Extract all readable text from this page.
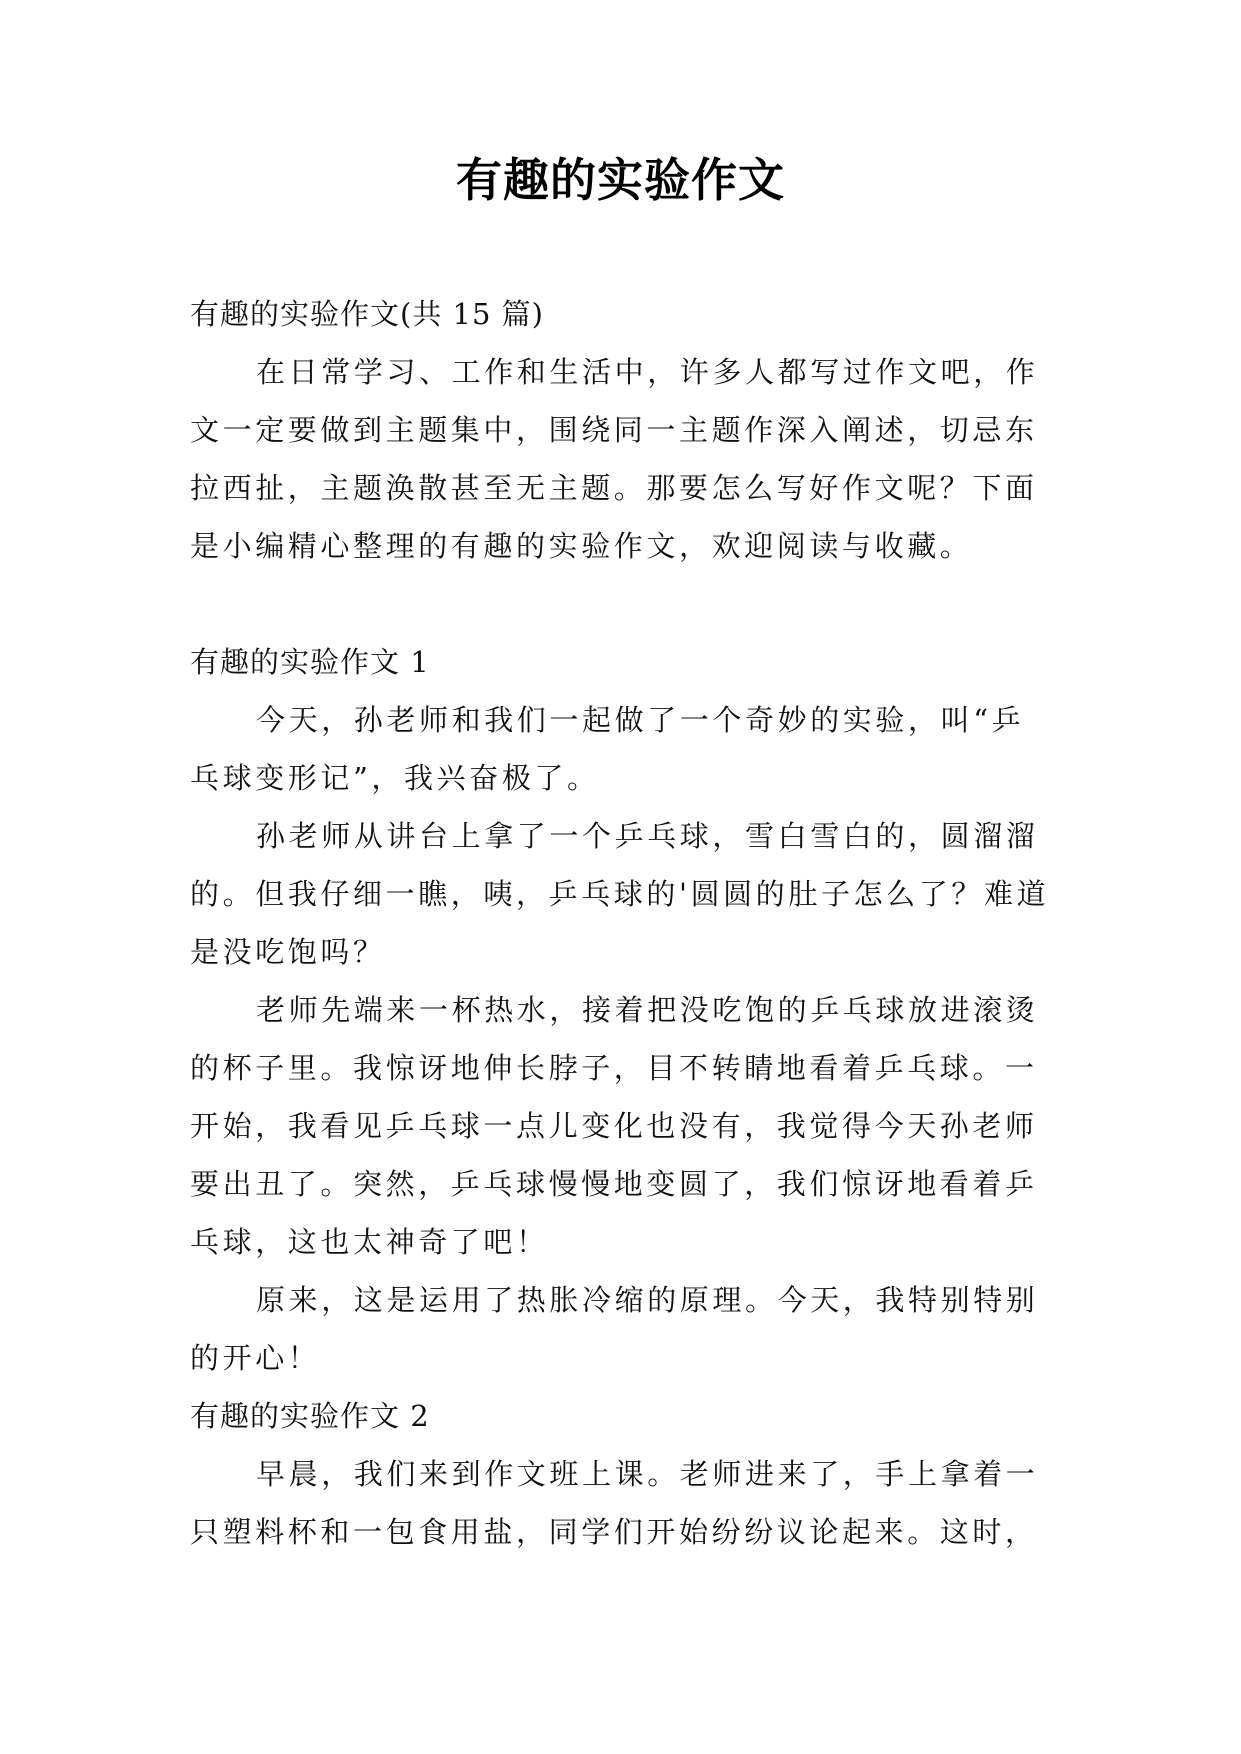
有趣的实验作文

有趣的实验作文(共 15 篇)

在日常学习、工作和生活中，许多人都写过作文吧，作文一定要做到主题集中，围绕同一主题作深入阐述，切忌东拉西扯，主题涣散甚至无主题。那要怎么写好作文呢？下面是小编精心整理的有趣的实验作文，欢迎阅读与收藏。

有趣的实验作文 1

今天，孙老师和我们一起做了一个奇妙的实验，叫“乒乓球变形记”，我兴奋极了。

孙老师从讲台上拿了一个乒乓球，雪白雪白的，圆溜溜的。但我仔细一瞧，咦，乒乓球的'圆圆的肚子怎么了？难道是没吃饱吗？

老师先端来一杯热水，接着把没吃饱的乒乓球放进滚烫的杯子里。我惊讶地伸长脖子，目不转睛地看着乒乓球。一开始，我看见乒乓球一点儿变化也没有，我觉得今天孙老师要出丑了。突然，乒乓球慢慢地变圆了，我们惊讶地看着乒乓球，这也太神奇了吧！

原来，这是运用了热胀冷缩的原理。今天，我特别特别的开心！

有趣的实验作文 2

早晨，我们来到作文班上课。老师进来了，手上拿着一只塑料杯和一包食用盐，同学们开始纷纷议论起来。这时，
